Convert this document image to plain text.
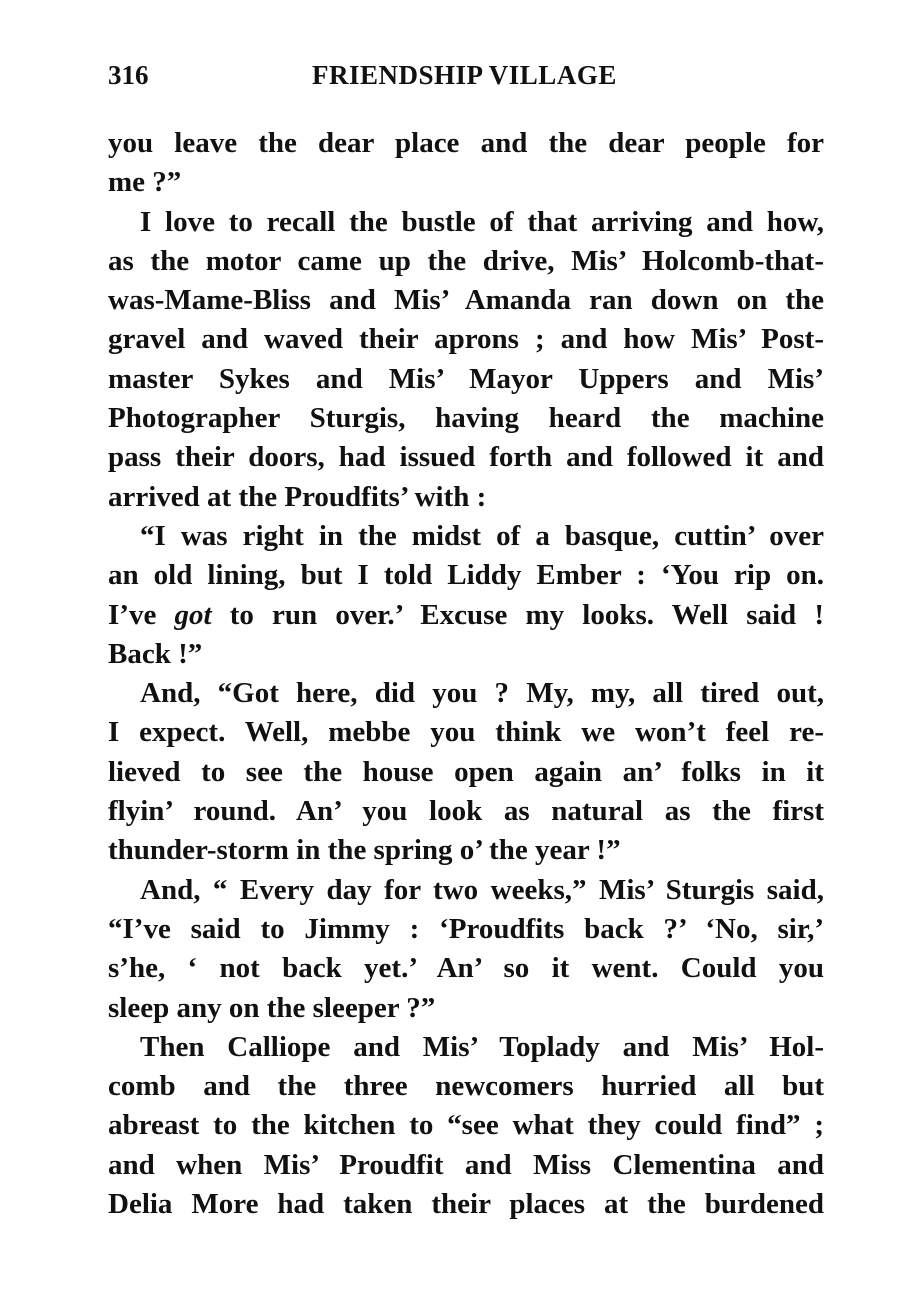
316	FRIENDSHIP VILLAGE
you leave the dear place and the dear people for
me ?”
I love to recall the bustle of that arriving and how,
as the motor came up the drive, Mis’ Holcomb-that-
was-Mame-Bliss and Mis’ Amanda ran down on the
gravel and waved their aprons ; and how Mis’ Post-
master Sykes and Mis’ Mayor Uppers and Mis’
Photographer Sturgis, having heard the machine
pass their doors, had issued forth and followed it and
arrived at the Proudfits’ with :
“I was right in the midst of a basque, cuttin’ over
an old lining, but I told Liddy Ember : ‘You rip on.
I’ve got to run over.’ Excuse my looks. Well said !
Back !”
And, “Got here, did you ? My, my, all tired out,
I expect. Well, mebbe you think we won’t feel re-
lieved to see the house open again an’ folks in it
flyin’ round. An’ you look as natural as the first
thunder-storm in the spring o’ the year !”
And, “ Every day for two weeks,” Mis’ Sturgis said,
“I’ve said to Jimmy : ‘Proudfits back ?’ ‘No, sir,’
s’he, ‘ not back yet.’ An’ so it went. Could you
sleep any on the sleeper ?”
Then Calliope and Mis’ Toplady and Mis’ Hol-
comb and the three newcomers hurried all but
abreast to the kitchen to “see what they could find” ;
and when Mis’ Proudfit and Miss Clementina and
Delia More had taken their places at the burdened
